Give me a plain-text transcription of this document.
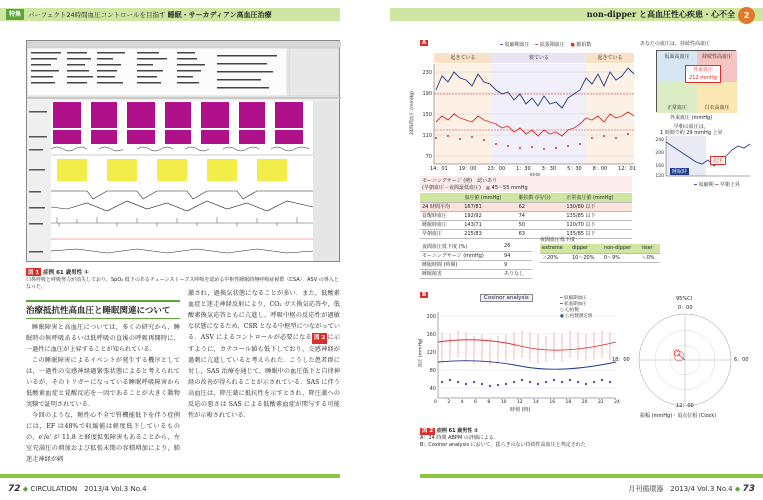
特集	パーフェクト24時間血圧コントロールを目指す 睡眠・サーカディアン高血圧治療	non-dipper と高血圧性心疾患・心不全	2
図 1 症例 61 歳男性 ①
口鼻呼吸と呼吸努力が消失しており，SpO₂ 低下のあるチェーンストークス呼吸を認める中枢性睡眠時無呼吸症候群（CSA）．ASV の導入となった．
治療抵抗性高血圧と睡眠関連について

睡眠障害と高血圧については，多くの研究から，睡眠時の無呼吸あるいは低呼吸の直後の呼吸再開時に，一過性に血圧が上昇することが知られている．

この睡眠障害によるイベントが発生する機序としては，一過性の交感神経過緊張状態によると考えられているが，そのトリガーになっている睡眠呼吸障害から低酸素血症と覚醒反応を一因であることが大きく動物実験で証明されている．

今回のような，頻性心不全で腎機能低下を伴う症例には，EF は48%で収縮能は軽度低下しているものの，e'/e' が 11.8 と軽度拡張障害もあることから，左室充満圧の増加および拡張末期の容積増加により，肺迷走神経が刺

激され，過換気状態になることが多い．また，低酸素血症と迷走神経反射により，CO₂ ガス換気応答や，低酸素換気応答ともに亢進し，呼吸中枢の反応性が過敏な状態になるため，CSR となる中枢型につながっている．ASV によるコントロールが必要になる 図 2 に示すように，カテコール値も低下しており，交感神経が過剰に亢進していると考えられた．こうした患者群に対し，SAS 治療を通じて，睡眠中の血圧低下と自律神経の改善が得られることが示されている．SAS に伴う高血圧は，降圧薬に抵抗性を示すとされ，降圧薬への反応の悪さは SAS による低酸素血症が関与する可能性が示唆されている．
72 ◆ CIRCULATION　2013/4 Vol.3 No.4
A	━ 収縮期血圧 ━ 拡張期血圧 ● 脈拍数
起きている	寝ている	起きている
230
190
150
110
70
14：01 19：00 23：00 1：30 3：30 5：30 8：00 12：01
24時間血圧 (mmHg)
あなたの血圧は，持続性高血圧
仮面高血圧	持続性高血圧
正常血圧	白衣高血圧
外来血圧
212 mmHg
外来血圧 (mmHg)
早朝の血圧は，
1 時間で約 29 mmHg 上昇
240
200
160
120
睡眠時
起床
━ 収縮期 ━ 早朝上昇
モーニングサージ (例)　認いあり
(早朝血圧－夜間最低血圧)　≧ 45～55 mmHg
	血圧値 (mmHg)	脈拍数 (回/分)	正常血圧値 (mmHg)
24 時間平均	167/81	62	130/80 以下
覚醒時血圧	192/92	74	135/85 以下
睡眠時血圧	143/71	50	120/70 以下
早朝血圧	215/83	63	135/85 以下
夜間血圧低下度 (%)	26
モーニングサージ (mmHg)	94
睡眠時間 (時間)	9
睡眠障害	ありなし
夜間血圧低下度
extreme	dipper	non-dipper	riser
＞20%	10～20%	0～9%	＜0%
B	Cosinor analysis	━ 収縮期血圧
━ 拡張期血圧
○ 心拍数
● 心拍数測定値
200
160
120
80
40
0 2 4 6 8 10 12 14 16 18 20 22 24
時刻 (時)
血圧 (mmHg)
95%CI
0：00
6：00
12：00
18：00
振幅 (mmHg)・頂点位相 (Clock)
図 2 症例 61 歳男性 ②
A：24 時間 ABPM の評価による．
B：Cosinor analysis において，揺らぎのない持続性高血圧と判定された．
月刊循環器　2013/4 Vol.3 No.4 ◆ 73
